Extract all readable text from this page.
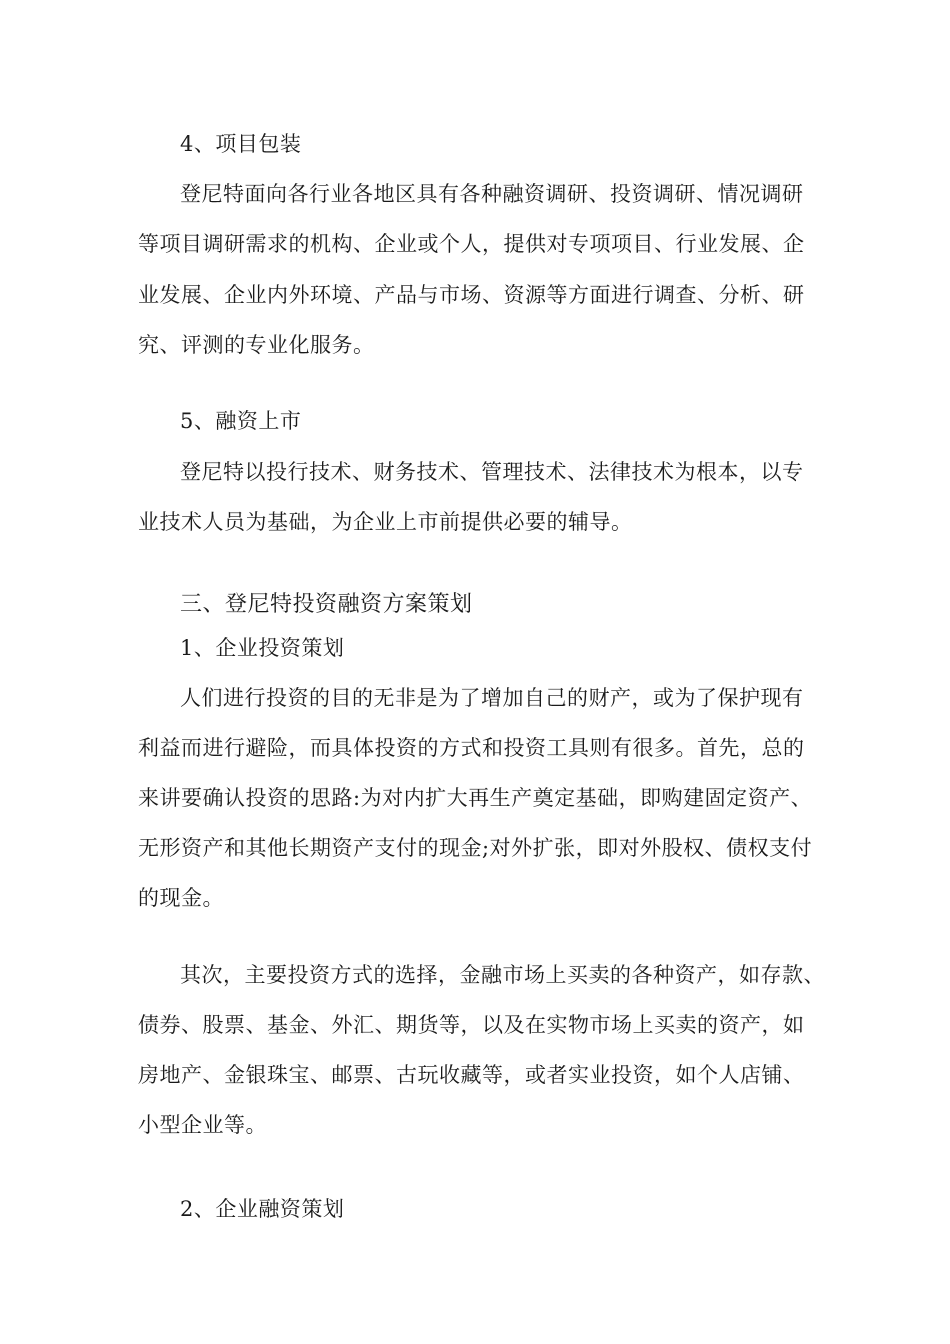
4、项目包装
登尼特面向各行业各地区具有各种融资调研、投资调研、情况调研
等项目调研需求的机构、企业或个人，提供对专项项目、行业发展、企
业发展、企业内外环境、产品与市场、资源等方面进行调查、分析、研
究、评测的专业化服务。
5、融资上市
登尼特以投行技术、财务技术、管理技术、法律技术为根本，以专
业技术人员为基础，为企业上市前提供必要的辅导。
三、登尼特投资融资方案策划
1、企业投资策划
人们进行投资的目的无非是为了增加自己的财产，或为了保护现有
利益而进行避险，而具体投资的方式和投资工具则有很多。首先，总的
来讲要确认投资的思路:为对内扩大再生产奠定基础，即购建固定资产、
无形资产和其他长期资产支付的现金;对外扩张，即对外股权、债权支付
的现金。
其次，主要投资方式的选择，金融市场上买卖的各种资产，如存款、
债券、股票、基金、外汇、期货等，以及在实物市场上买卖的资产，如
房地产、金银珠宝、邮票、古玩收藏等，或者实业投资，如个人店铺、
小型企业等。
2、企业融资策划
